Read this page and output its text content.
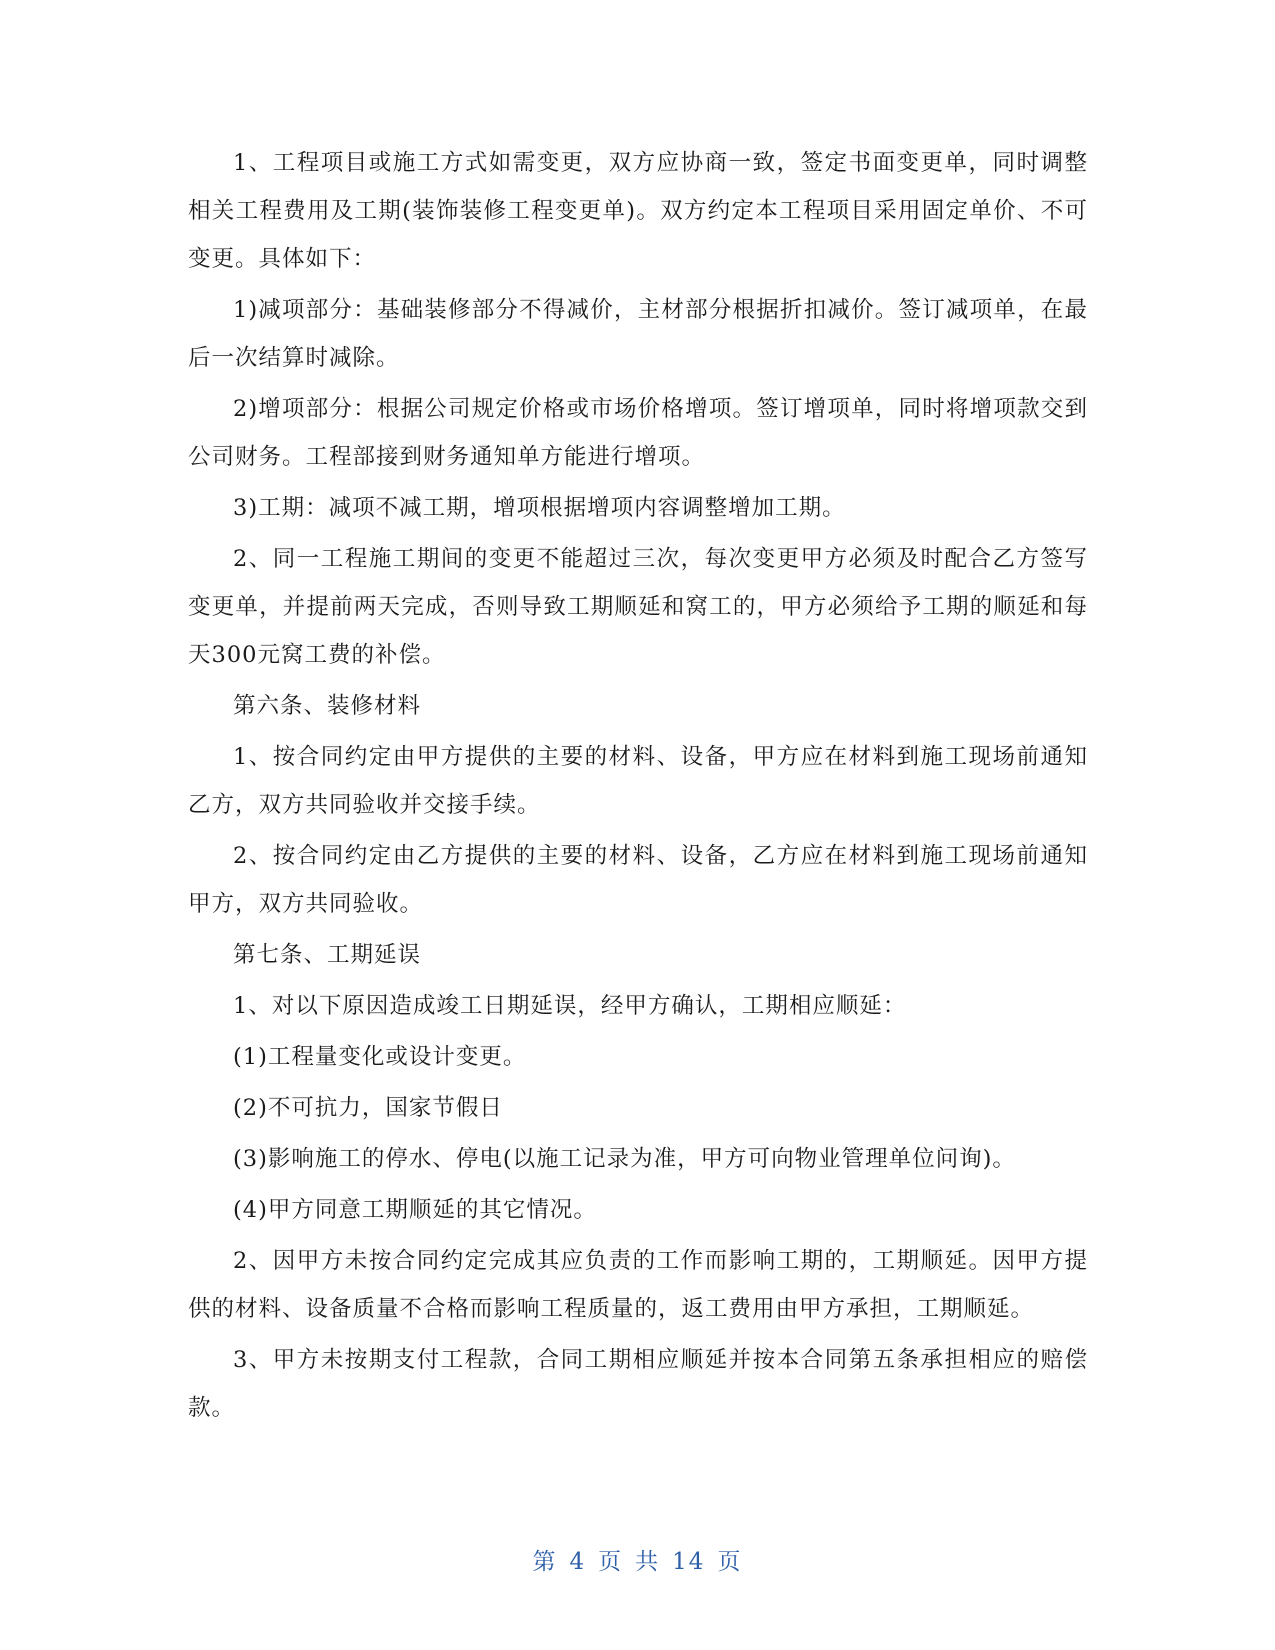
1、工程项目或施工方式如需变更，双方应协商一致，签定书面变更单，同时调整相关工程费用及工期(装饰装修工程变更单)。双方约定本工程项目采用固定单价、不可变更。具体如下：

1)减项部分：基础装修部分不得减价，主材部分根据折扣减价。签订减项单，在最后一次结算时减除。

2)增项部分：根据公司规定价格或市场价格增项。签订增项单，同时将增项款交到公司财务。工程部接到财务通知单方能进行增项。

3)工期：减项不减工期，增项根据增项内容调整增加工期。

2、同一工程施工期间的变更不能超过三次，每次变更甲方必须及时配合乙方签写变更单，并提前两天完成，否则导致工期顺延和窝工的，甲方必须给予工期的顺延和每天300元窝工费的补偿。

第六条、装修材料

1、按合同约定由甲方提供的主要的材料、设备，甲方应在材料到施工现场前通知乙方，双方共同验收并交接手续。

2、按合同约定由乙方提供的主要的材料、设备，乙方应在材料到施工现场前通知甲方，双方共同验收。

第七条、工期延误

1、对以下原因造成竣工日期延误，经甲方确认，工期相应顺延：

(1)工程量变化或设计变更。

(2)不可抗力，国家节假日

(3)影响施工的停水、停电(以施工记录为准，甲方可向物业管理单位问询)。

(4)甲方同意工期顺延的其它情况。

2、因甲方未按合同约定完成其应负责的工作而影响工期的，工期顺延。因甲方提供的材料、设备质量不合格而影响工程质量的，返工费用由甲方承担，工期顺延。

3、甲方未按期支付工程款，合同工期相应顺延并按本合同第五条承担相应的赔偿款。

第 4 页 共 14 页
